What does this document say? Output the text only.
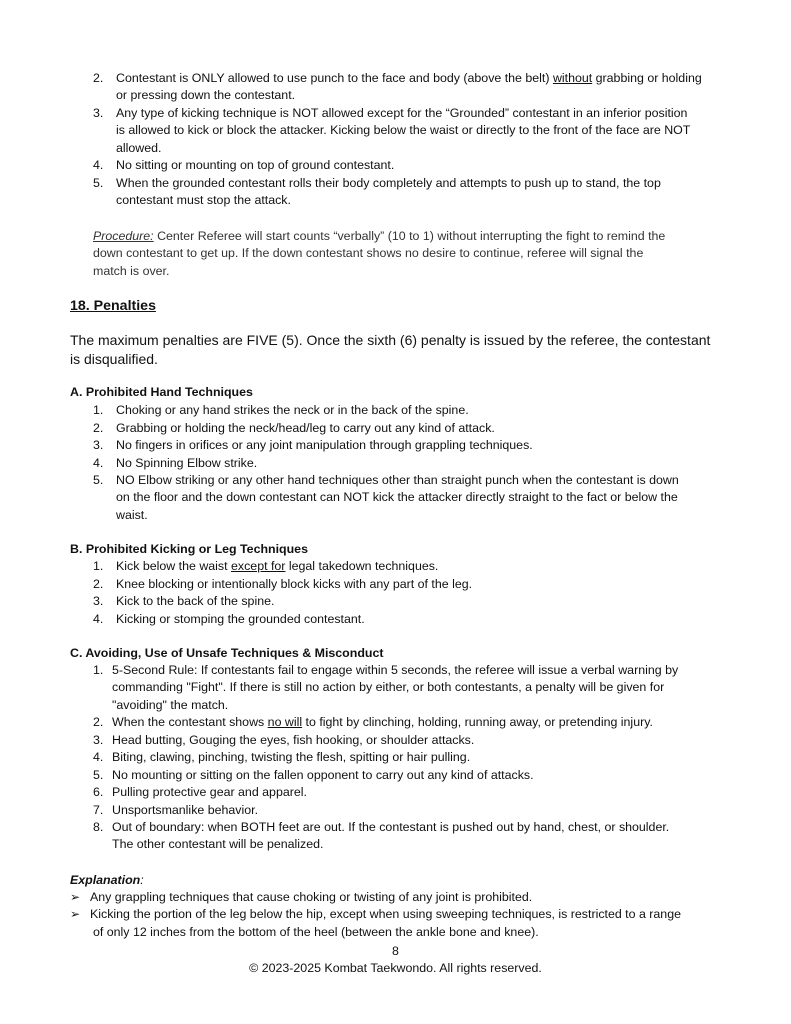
2. Contestant is ONLY allowed to use punch to the face and body (above the belt) without grabbing or holding
or pressing down the contestant.
3. Any type of kicking technique is NOT allowed except for the “Grounded” contestant in an inferior position
is allowed to kick or block the attacker. Kicking below the waist or directly to the front of the face are NOT
allowed.
4. No sitting or mounting on top of ground contestant.
5. When the grounded contestant rolls their body completely and attempts to push up to stand, the top
contestant must stop the attack.
Procedure: Center Referee will start counts “verbally” (10 to 1) without interrupting the fight to remind the
down contestant to get up. If the down contestant shows no desire to continue, referee will signal the
match is over.
18. Penalties
The maximum penalties are FIVE (5). Once the sixth (6) penalty is issued by the referee, the contestant
is disqualified.
A. Prohibited Hand Techniques
1. Choking or any hand strikes the neck or in the back of the spine.
2. Grabbing or holding the neck/head/leg to carry out any kind of attack.
3. No fingers in orifices or any joint manipulation through grappling techniques.
4. No Spinning Elbow strike.
5. NO Elbow striking or any other hand techniques other than straight punch when the contestant is down
on the floor and the down contestant can NOT kick the attacker directly straight to the fact or below the
waist.
B. Prohibited Kicking or Leg Techniques
1. Kick below the waist except for legal takedown techniques.
2. Knee blocking or intentionally block kicks with any part of the leg.
3. Kick to the back of the spine.
4. Kicking or stomping the grounded contestant.
C. Avoiding, Use of Unsafe Techniques & Misconduct
1. 5-Second Rule: If contestants fail to engage within 5 seconds, the referee will issue a verbal warning by
commanding "Fight". If there is still no action by either, or both contestants, a penalty will be given for
"avoiding" the match.
2. When the contestant shows no will to fight by clinching, holding, running away, or pretending injury.
3. Head butting, Gouging the eyes, fish hooking, or shoulder attacks.
4. Biting, clawing, pinching, twisting the flesh, spitting or hair pulling.
5. No mounting or sitting on the fallen opponent to carry out any kind of attacks.
6. Pulling protective gear and apparel.
7. Unsportsmanlike behavior.
8. Out of boundary: when BOTH feet are out. If the contestant is pushed out by hand, chest, or shoulder.
The other contestant will be penalized.
Explanation:
➢ Any grappling techniques that cause choking or twisting of any joint is prohibited.
➢ Kicking the portion of the leg below the hip, except when using sweeping techniques, is restricted to a range
of only 12 inches from the bottom of the heel (between the ankle bone and knee).
8
© 2023-2025 Kombat Taekwondo. All rights reserved.
